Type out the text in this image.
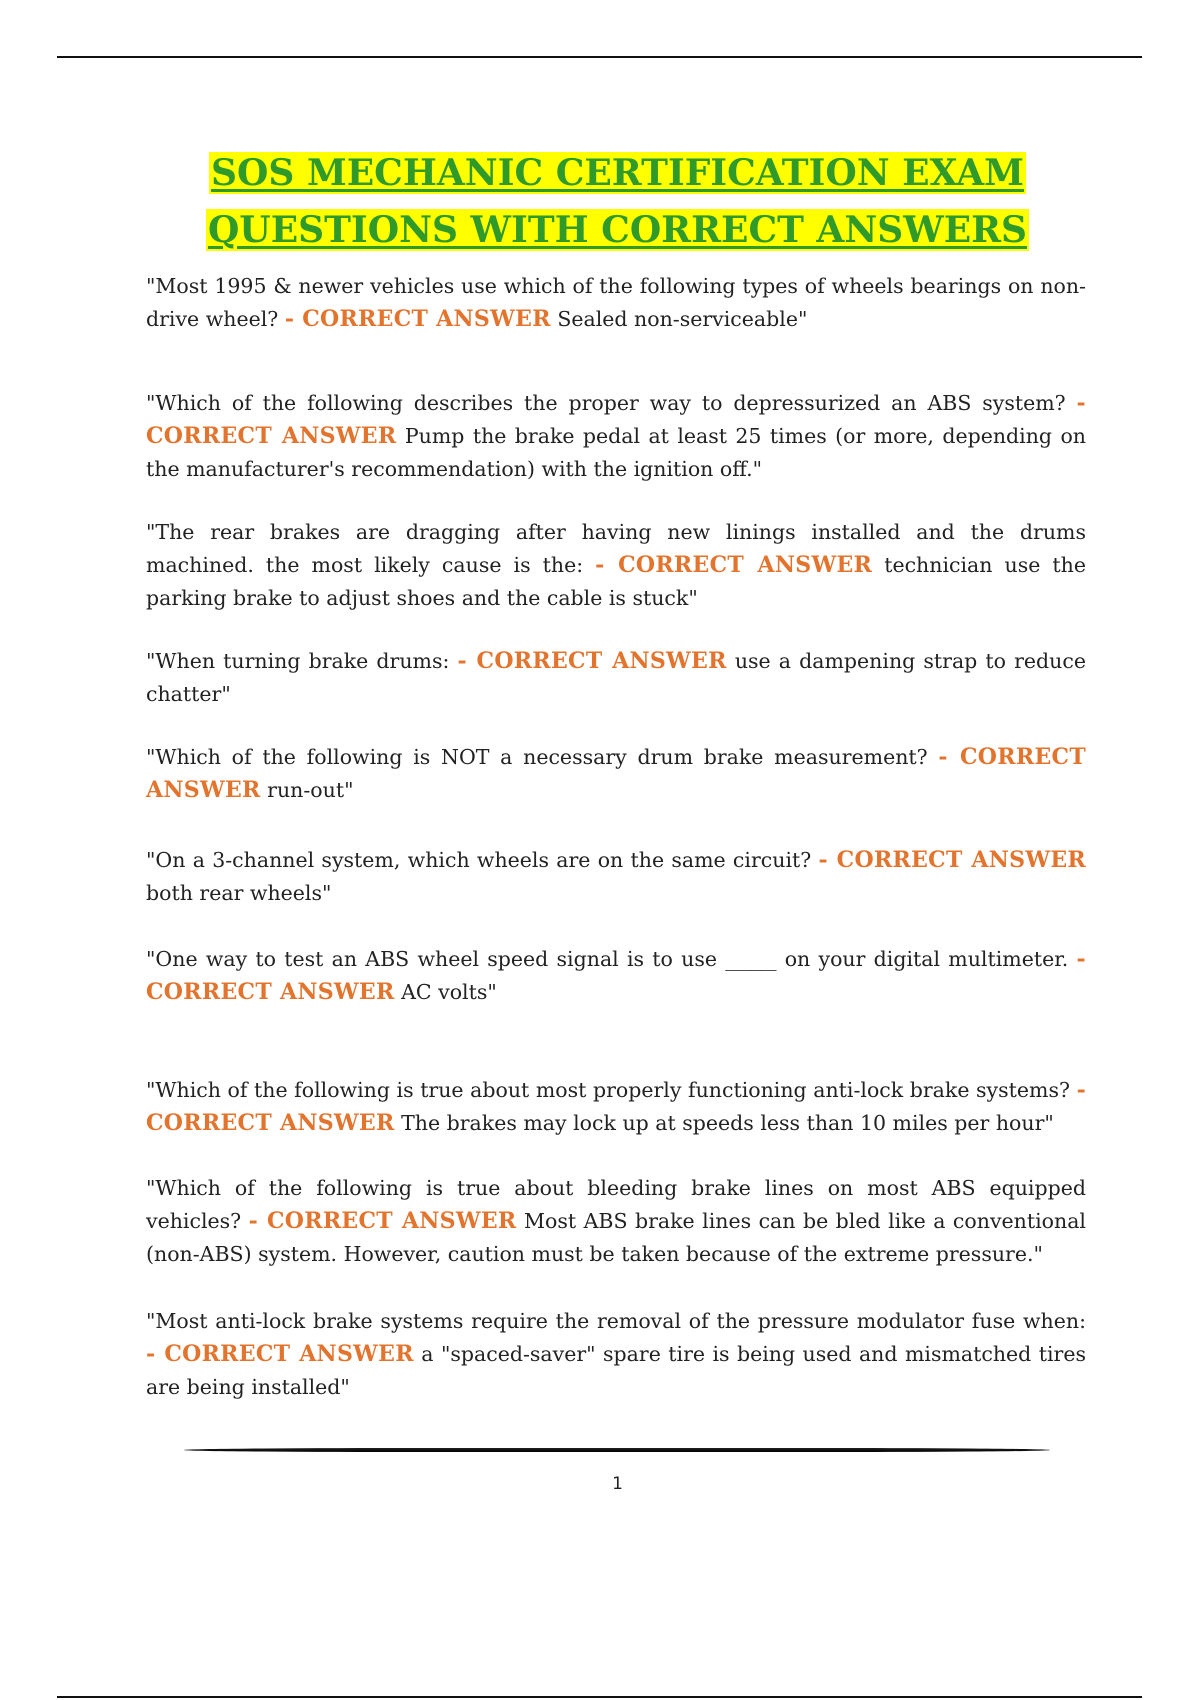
SOS MECHANIC CERTIFICATION EXAM
QUESTIONS WITH CORRECT ANSWERS

"Most 1995 & newer vehicles use which of the following types of wheels bearings on non-drive wheel? - CORRECT ANSWER Sealed non-serviceable"

"Which of the following describes the proper way to depressurized an ABS system? - CORRECT ANSWER Pump the brake pedal at least 25 times (or more, depending on the manufacturer's recommendation) with the ignition off."

"The rear brakes are dragging after having new linings installed and the drums machined. the most likely cause is the: - CORRECT ANSWER technician use the parking brake to adjust shoes and the cable is stuck"

"When turning brake drums: - CORRECT ANSWER use a dampening strap to reduce chatter"

"Which of the following is NOT a necessary drum brake measurement? - CORRECT ANSWER run-out"

"On a 3-channel system, which wheels are on the same circuit? - CORRECT ANSWER both rear wheels"

"One way to test an ABS wheel speed signal is to use _____ on your digital multimeter. - CORRECT ANSWER AC volts"

"Which of the following is true about most properly functioning anti-lock brake systems? - CORRECT ANSWER The brakes may lock up at speeds less than 10 miles per hour"

"Which of the following is true about bleeding brake lines on most ABS equipped vehicles? - CORRECT ANSWER Most ABS brake lines can be bled like a conventional (non-ABS) system. However, caution must be taken because of the extreme pressure."

"Most anti-lock brake systems require the removal of the pressure modulator fuse when: - CORRECT ANSWER a "spaced-saver" spare tire is being used and mismatched tires are being installed"

1
